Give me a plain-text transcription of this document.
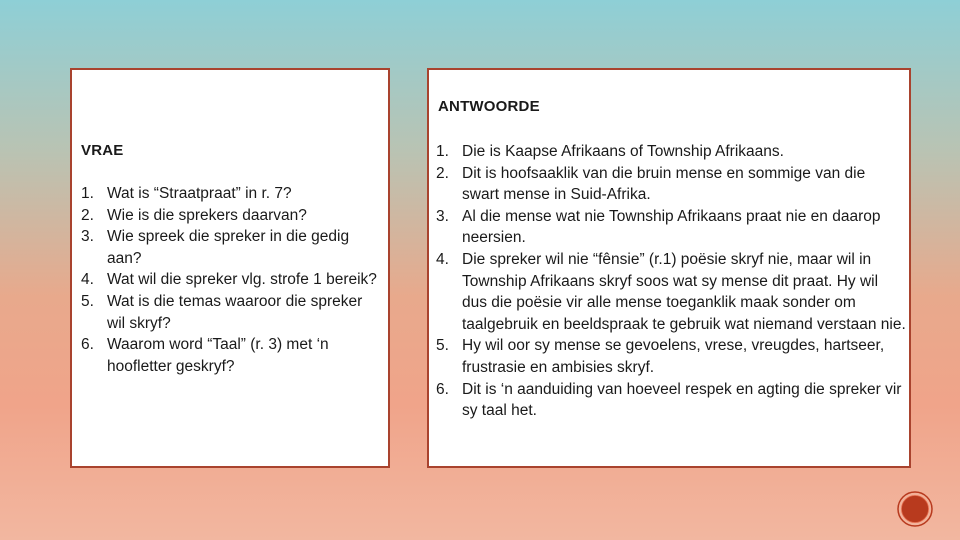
VRAE
1. Wat is “Straatpraat” in r. 7?
2. Wie is die sprekers daarvan?
3. Wie spreek die spreker in die gedig aan?
4. Wat wil die spreker vlg. strofe 1 bereik?
5. Wat is die temas waaroor die spreker wil skryf?
6. Waarom word “Taal” (r. 3) met ‘n hoofletter geskryf?
ANTWOORDE
1. Die is Kaapse Afrikaans of Township Afrikaans.
2. Dit is hoofsaaklik van die bruin mense en sommige van die swart mense in Suid-Afrika.
3. Al die mense wat nie Township Afrikaans praat nie en daarop neersien.
4. Die spreker wil nie “fênsie” (r.1) poësie skryf nie, maar wil in Township Afrikaans skryf soos wat sy mense dit praat. Hy wil dus die poësie vir alle mense toeganklik maak sonder om taalgebruik en beeldspraak te gebruik wat niemand verstaan nie.
5. Hy wil oor sy mense se gevoelens, vrese, vreugdes, hartseer, frustrasie en ambisies skryf.
6. Dit is ‘n aanduiding van hoeveel respek en agting die spreker vir sy taal het.
